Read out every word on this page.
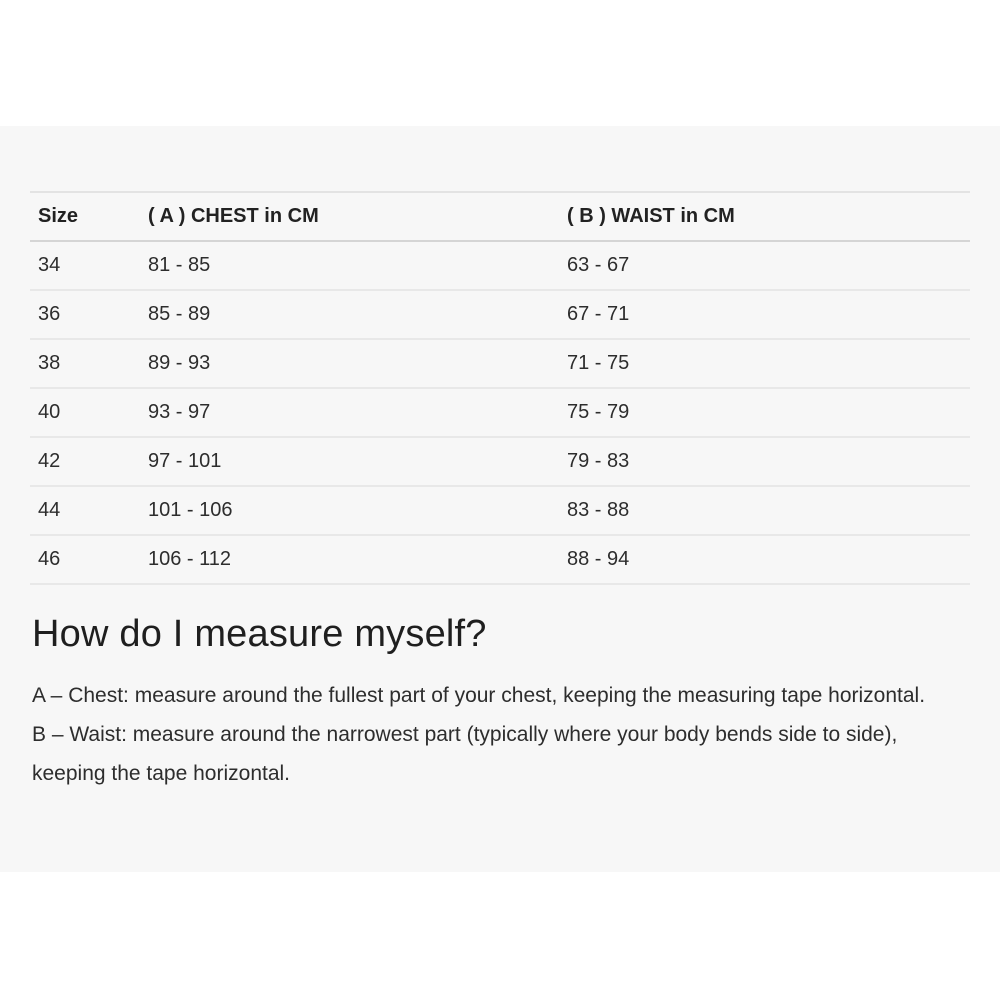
Size	( A ) CHEST in CM	( B ) WAIST in CM
34	81 - 85	63 - 67
36	85 - 89	67 - 71
38	89 - 93	71 - 75
40	93 - 97	75 - 79
42	97 - 101	79 - 83
44	101 - 106	83 - 88
46	106 - 112	88 - 94
How do I measure myself?

A – Chest: measure around the fullest part of your chest, keeping the measuring tape horizontal.

B – Waist: measure around the narrowest part (typically where your body bends side to side), keeping the tape horizontal.
